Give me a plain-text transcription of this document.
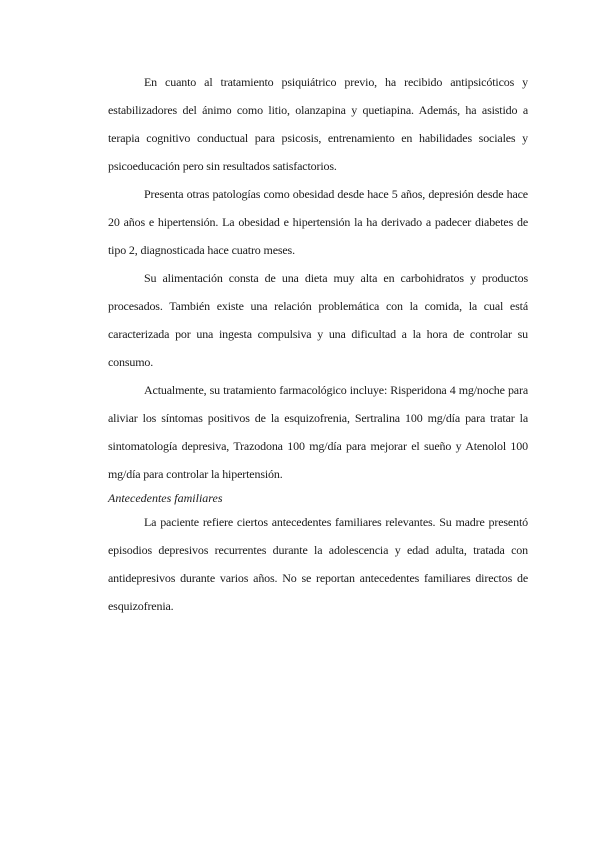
En cuanto al tratamiento psiquiátrico previo, ha recibido antipsicóticos y estabilizadores del ánimo como litio, olanzapina y quetiapina. Además, ha asistido a terapia cognitivo conductual para psicosis, entrenamiento en habilidades sociales y psicoeducación pero sin resultados satisfactorios.

Presenta otras patologías como obesidad desde hace 5 años, depresión desde hace 20 años e hipertensión. La obesidad e hipertensión la ha derivado a padecer diabetes de tipo 2, diagnosticada hace cuatro meses.

Su alimentación consta de una dieta muy alta en carbohidratos y productos procesados. También existe una relación problemática con la comida, la cual está caracterizada por una ingesta compulsiva y una dificultad a la hora de controlar su consumo.

Actualmente, su tratamiento farmacológico incluye: Risperidona 4 mg/noche para aliviar los síntomas positivos de la esquizofrenia, Sertralina 100 mg/día para tratar la sintomatología depresiva, Trazodona 100 mg/día para mejorar el sueño y Atenolol 100 mg/día para controlar la hipertensión.

Antecedentes familiares

La paciente refiere ciertos antecedentes familiares relevantes. Su madre presentó episodios depresivos recurrentes durante la adolescencia y edad adulta, tratada con antidepresivos durante varios años. No se reportan antecedentes familiares directos de esquizofrenia.
